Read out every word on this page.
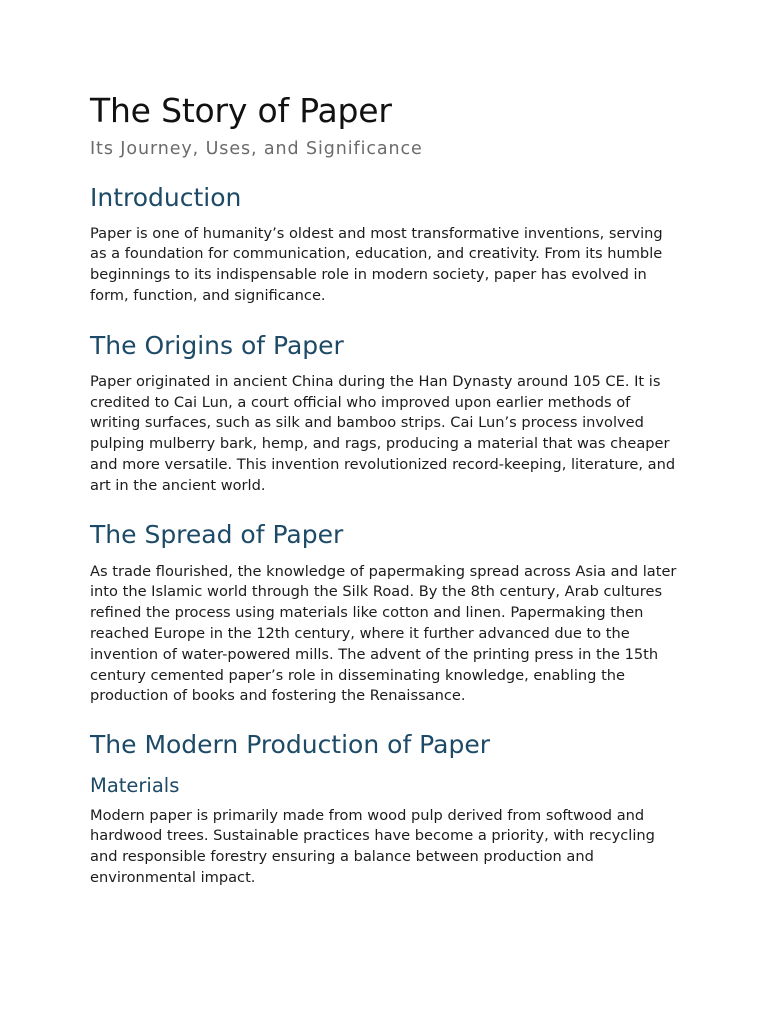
The Story of Paper
Its Journey, Uses, and Significance
Introduction

Paper is one of humanity’s oldest and most transformative inventions, serving as a foundation for communication, education, and creativity. From its humble beginnings to its indispensable role in modern society, paper has evolved in form, function, and significance.

The Origins of Paper

Paper originated in ancient China during the Han Dynasty around 105 CE. It is credited to Cai Lun, a court official who improved upon earlier methods of writing surfaces, such as silk and bamboo strips. Cai Lun’s process involved pulping mulberry bark, hemp, and rags, producing a material that was cheaper and more versatile. This invention revolutionized record-keeping, literature, and art in the ancient world.

The Spread of Paper

As trade flourished, the knowledge of papermaking spread across Asia and later into the Islamic world through the Silk Road. By the 8th century, Arab cultures refined the process using materials like cotton and linen. Papermaking then reached Europe in the 12th century, where it further advanced due to the invention of water-powered mills. The advent of the printing press in the 15th century cemented paper’s role in disseminating knowledge, enabling the production of books and fostering the Renaissance.

The Modern Production of Paper
Materials

Modern paper is primarily made from wood pulp derived from softwood and hardwood trees. Sustainable practices have become a priority, with recycling and responsible forestry ensuring a balance between production and environmental impact.
